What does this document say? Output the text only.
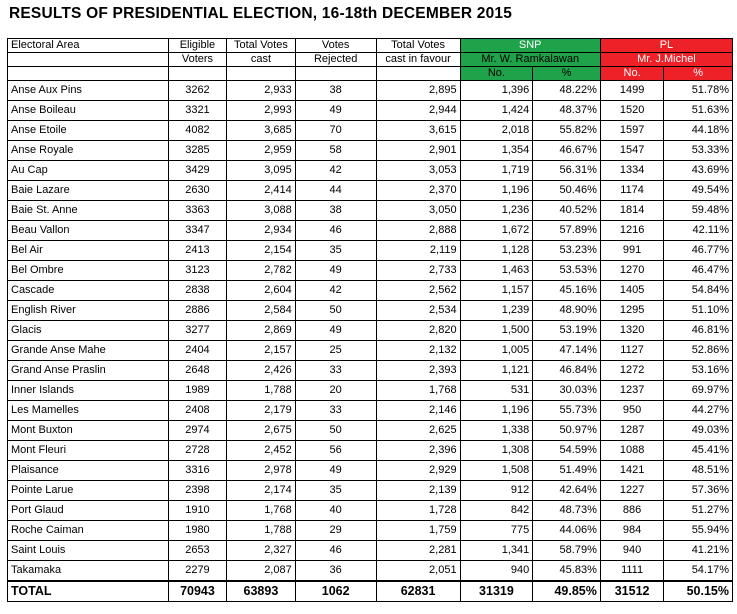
RESULTS OF PRESIDENTIAL ELECTION, 16-18th DECEMBER 2015
Electoral Area	Eligible	Total Votes	Votes	Total Votes	SNP		PL	
	Voters	cast	Rejected	cast in favour	Mr. W. Ramkalawan		Mr. J.Michel	
					No.	%	No.	%
Anse Aux Pins	3262	2,933	38	2,895	1,396	48.22%	1499	51.78%
Anse Boileau	3321	2,993	49	2,944	1,424	48.37%	1520	51.63%
Anse Etoile	4082	3,685	70	3,615	2,018	55.82%	1597	44.18%
Anse Royale	3285	2,959	58	2,901	1,354	46.67%	1547	53.33%
Au Cap	3429	3,095	42	3,053	1,719	56.31%	1334	43.69%
Baie Lazare	2630	2,414	44	2,370	1,196	50.46%	1174	49.54%
Baie St. Anne	3363	3,088	38	3,050	1,236	40.52%	1814	59.48%
Beau Vallon	3347	2,934	46	2,888	1,672	57.89%	1216	42.11%
Bel Air	2413	2,154	35	2,119	1,128	53.23%	991	46.77%
Bel Ombre	3123	2,782	49	2,733	1,463	53.53%	1270	46.47%
Cascade	2838	2,604	42	2,562	1,157	45.16%	1405	54.84%
English River	2886	2,584	50	2,534	1,239	48.90%	1295	51.10%
Glacis	3277	2,869	49	2,820	1,500	53.19%	1320	46.81%
Grande Anse Mahe	2404	2,157	25	2,132	1,005	47.14%	1127	52.86%
Grand Anse Praslin	2648	2,426	33	2,393	1,121	46.84%	1272	53.16%
Inner Islands	1989	1,788	20	1,768	531	30.03%	1237	69.97%
Les Mamelles	2408	2,179	33	2,146	1,196	55.73%	950	44.27%
Mont Buxton	2974	2,675	50	2,625	1,338	50.97%	1287	49.03%
Mont Fleuri	2728	2,452	56	2,396	1,308	54.59%	1088	45.41%
Plaisance	3316	2,978	49	2,929	1,508	51.49%	1421	48.51%
Pointe Larue	2398	2,174	35	2,139	912	42.64%	1227	57.36%
Port Glaud	1910	1,768	40	1,728	842	48.73%	886	51.27%
Roche Caiman	1980	1,788	29	1,759	775	44.06%	984	55.94%
Saint Louis	2653	2,327	46	2,281	1,341	58.79%	940	41.21%
Takamaka	2279	2,087	36	2,051	940	45.83%	1111	54.17%
TOTAL	70943	63893	1062	62831	31319	49.85%	31512	50.15%
